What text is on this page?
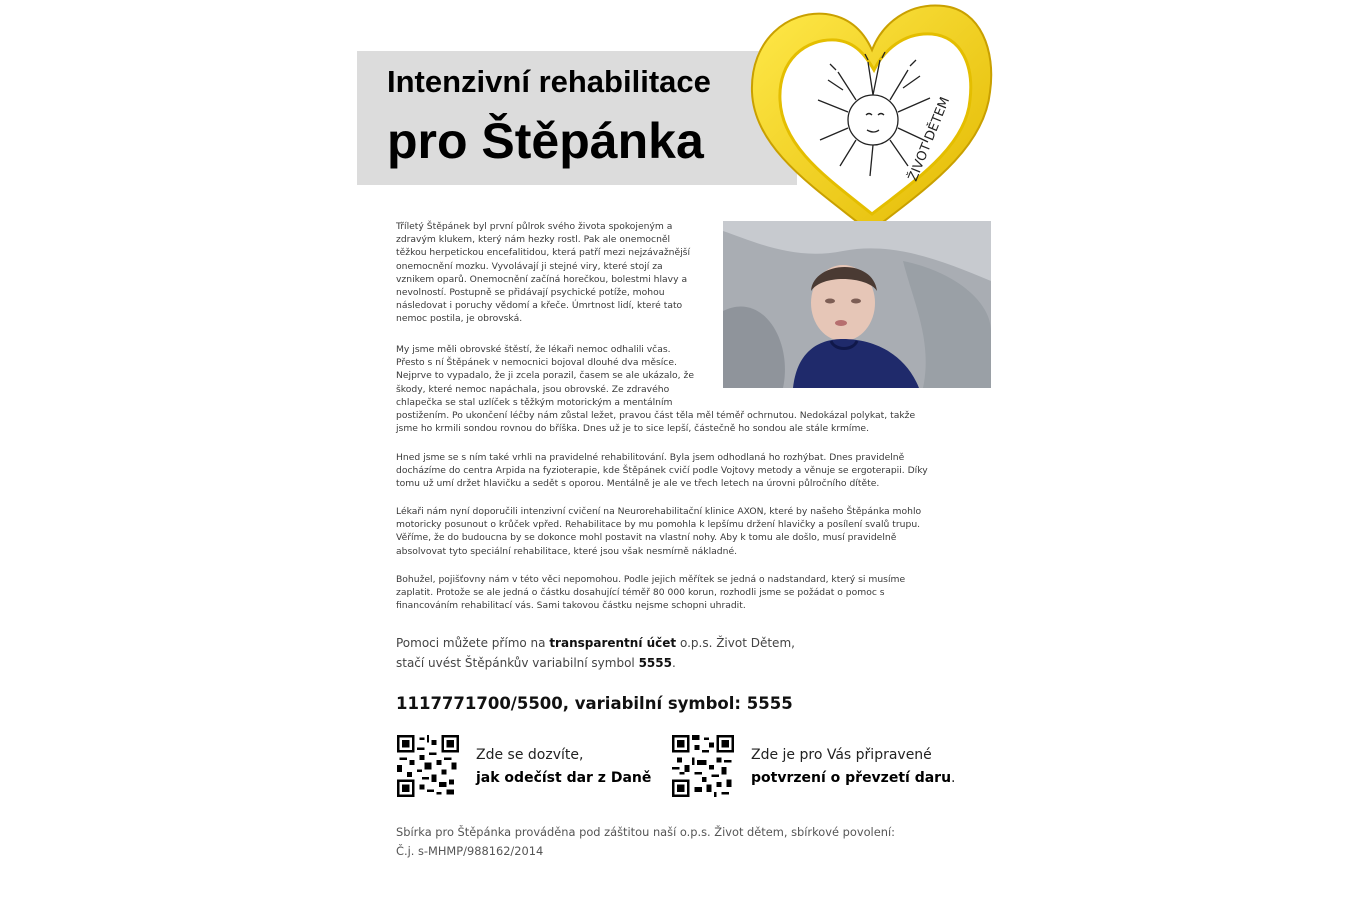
Intenzivní rehabilitace
pro Štěpánka	ŽIVOT DĚTEM

Tříletý Štěpánek byl první půlrok svého života spokojeným a zdravým klukem, který nám hezky rostl. Pak ale onemocněl těžkou herpetickou encefalitidou, která patří mezi nejzávažnější onemocnění mozku. Vyvolávají ji stejné viry, které stojí za vznikem oparů. Onemocnění začíná horečkou, bolestmi hlavy a nevolností. Postupně se přidávají psychické potíže, mohou následovat i poruchy vědomí a křeče. Úmrtnost lidí, které tato nemoc postila, je obrovská.

My jsme měli obrovské štěstí, že lékaři nemoc odhalili včas. Přesto s ní Štěpánek v nemocnici bojoval dlouhé dva měsíce. Nejprve to vypadalo, že ji zcela porazil, časem se ale ukázalo, že škody, které nemoc napáchala, jsou obrovské. Ze zdravého chlapečka se stal uzlíček s těžkým motorickým a mentálním

postižením. Po ukončení léčby nám zůstal ležet, pravou část těla měl téměř ochrnutou. Nedokázal polykat, takže jsme ho krmili sondou rovnou do bříška. Dnes už je to sice lepší, částečně ho sondou ale stále krmíme.

Hned jsme se s ním také vrhli na pravidelné rehabilitování. Byla jsem odhodlaná ho rozhýbat. Dnes pravidelně docházíme do centra Arpida na fyzioterapie, kde Štěpánek cvičí podle Vojtovy metody a věnuje se ergoterapii. Díky tomu už umí držet hlavičku a sedět s oporou. Mentálně je ale ve třech letech na úrovni půlročního dítěte.

Lékaři nám nyní doporučili intenzivní cvičení na Neurorehabilitační klinice AXON, které by našeho Štěpánka mohlo motoricky posunout o krůček vpřed. Rehabilitace by mu pomohla k lepšímu držení hlavičky a posílení svalů trupu. Věříme, že do budoucna by se dokonce mohl postavit na vlastní nohy. Aby k tomu ale došlo, musí pravidelně absolvovat tyto speciální rehabilitace, které jsou však nesmírně nákladné.

Bohužel, pojišťovny nám v této věci nepomohou. Podle jejich měřítek se jedná o nadstandard, který si musíme zaplatit. Protože se ale jedná o částku dosahující téměř 80 000 korun, rozhodli jsme se požádat o pomoc s financováním rehabilitací vás. Sami takovou částku nejsme schopni uhradit.

Pomoci můžete přímo na transparentní účet o.p.s. Život Dětem,
stačí uvést Štěpánkův variabilní symbol 5555.
1117771700/5500, variabilní symbol: 5555
Zde se dozvíte,
jak odečíst dar z Daně
Zde je pro Vás připravené
potvrzení o převzetí daru.
Sbírka pro Štěpánka prováděna pod záštitou naší o.p.s. Život dětem, sbírkové povolení:
Č.j. s-MHMP/988162/2014
